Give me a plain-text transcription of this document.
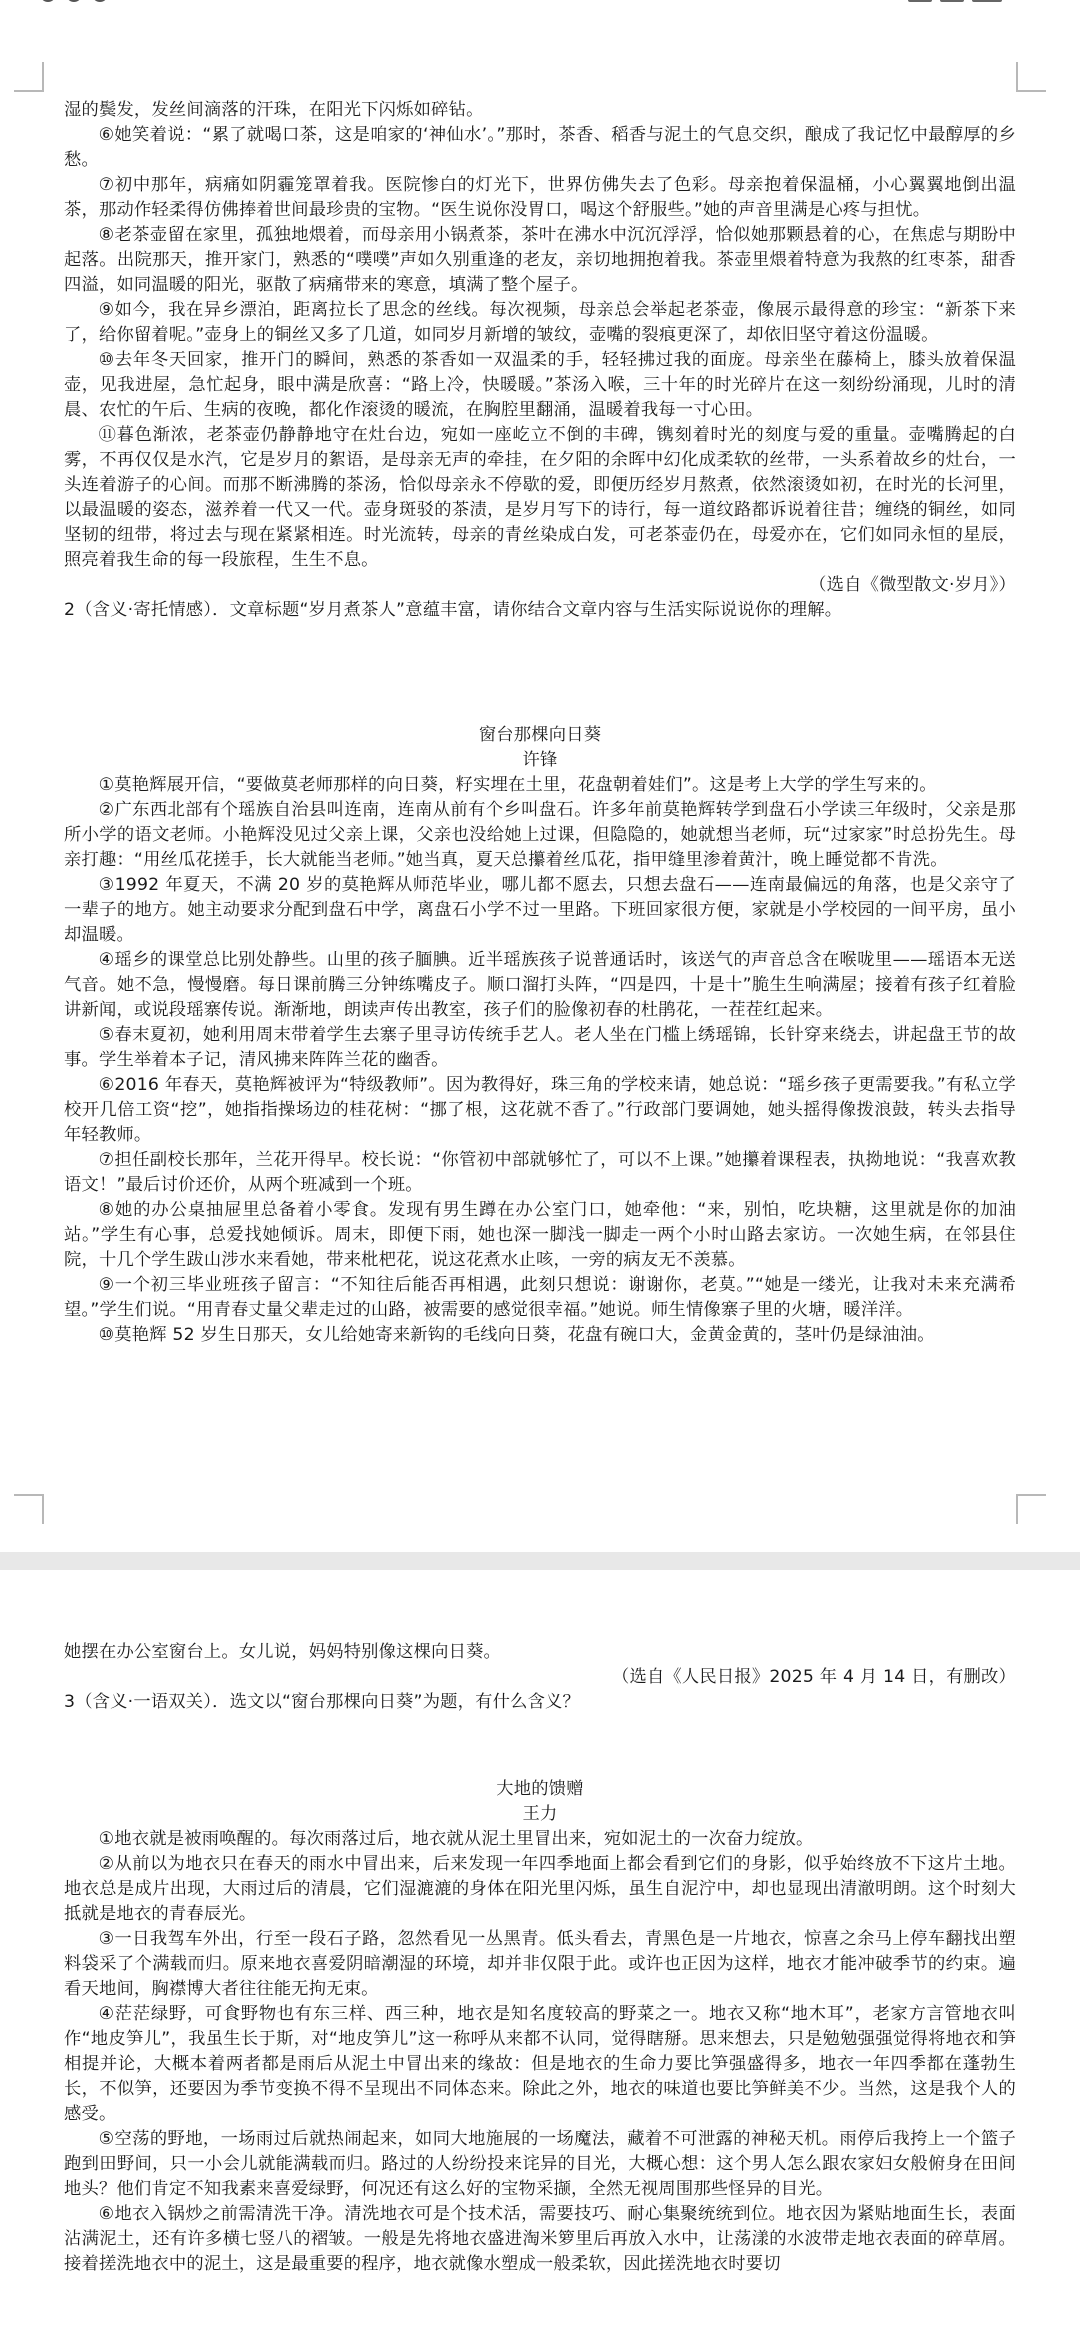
湿的鬓发，发丝间滴落的汗珠，在阳光下闪烁如碎钻。

⑥她笑着说：“累了就喝口茶，这是咱家的‘神仙水’。”那时，茶香、稻香与泥土的气息交织，酿成了我记忆中最醇厚的乡愁。

⑦初中那年，病痛如阴霾笼罩着我。医院惨白的灯光下，世界仿佛失去了色彩。母亲抱着保温桶，小心翼翼地倒出温茶，那动作轻柔得仿佛捧着世间最珍贵的宝物。“医生说你没胃口，喝这个舒服些。”她的声音里满是心疼与担忧。

⑧老茶壶留在家里，孤独地煨着，而母亲用小锅煮茶，茶叶在沸水中沉沉浮浮，恰似她那颗悬着的心，在焦虑与期盼中起落。出院那天，推开家门，熟悉的“噗噗”声如久别重逢的老友，亲切地拥抱着我。茶壶里煨着特意为我熬的红枣茶，甜香四溢，如同温暖的阳光，驱散了病痛带来的寒意，填满了整个屋子。

⑨如今，我在异乡漂泊，距离拉长了思念的丝线。每次视频，母亲总会举起老茶壶，像展示最得意的珍宝：“新茶下来了，给你留着呢。”壶身上的铜丝又多了几道，如同岁月新增的皱纹，壶嘴的裂痕更深了，却依旧坚守着这份温暖。

⑩去年冬天回家，推开门的瞬间，熟悉的茶香如一双温柔的手，轻轻拂过我的面庞。母亲坐在藤椅上，膝头放着保温壶，见我进屋，急忙起身，眼中满是欣喜：“路上冷，快暖暖。”茶汤入喉，三十年的时光碎片在这一刻纷纷涌现，儿时的清晨、农忙的午后、生病的夜晚，都化作滚烫的暖流，在胸腔里翻涌，温暖着我每一寸心田。

⑪暮色渐浓，老茶壶仍静静地守在灶台边，宛如一座屹立不倒的丰碑，镌刻着时光的刻度与爱的重量。壶嘴腾起的白雾，不再仅仅是水汽，它是岁月的絮语，是母亲无声的牵挂，在夕阳的余晖中幻化成柔软的丝带，一头系着故乡的灶台，一头连着游子的心间。而那不断沸腾的茶汤，恰似母亲永不停歇的爱，即便历经岁月熬煮，依然滚烫如初，在时光的长河里，以最温暖的姿态，滋养着一代又一代。壶身斑驳的茶渍，是岁月写下的诗行，每一道纹路都诉说着往昔；缠绕的铜丝，如同坚韧的纽带，将过去与现在紧紧相连。时光流转，母亲的青丝染成白发，可老茶壶仍在，母爱亦在，它们如同永恒的星辰，照亮着我生命的每一段旅程，生生不息。

（选自《微型散文·岁月》）

2（含义·寄托情感）．文章标题“岁月煮茶人”意蕴丰富，请你结合文章内容与生活实际说说你的理解。

窗台那棵向日葵

许锋

①莫艳辉展开信，“要做莫老师那样的向日葵，籽实埋在土里，花盘朝着娃们”。这是考上大学的学生写来的。

②广东西北部有个瑶族自治县叫连南，连南从前有个乡叫盘石。许多年前莫艳辉转学到盘石小学读三年级时，父亲是那所小学的语文老师。小艳辉没见过父亲上课，父亲也没给她上过课，但隐隐的，她就想当老师，玩“过家家”时总扮先生。母亲打趣：“用丝瓜花搓手，长大就能当老师。”她当真，夏天总攥着丝瓜花，指甲缝里渗着黄汁，晚上睡觉都不肯洗。

③1992 年夏天，不满 20 岁的莫艳辉从师范毕业，哪儿都不愿去，只想去盘石——连南最偏远的角落，也是父亲守了一辈子的地方。她主动要求分配到盘石中学，离盘石小学不过一里路。下班回家很方便，家就是小学校园的一间平房，虽小却温暖。

④瑶乡的课堂总比别处静些。山里的孩子腼腆。近半瑶族孩子说普通话时，该送气的声音总含在喉咙里——瑶语本无送气音。她不急，慢慢磨。每日课前腾三分钟练嘴皮子。顺口溜打头阵，“四是四，十是十”脆生生响满屋；接着有孩子红着脸讲新闻，或说段瑶寨传说。渐渐地，朗读声传出教室，孩子们的脸像初春的杜鹃花，一茬茬红起来。

⑤春末夏初，她利用周末带着学生去寨子里寻访传统手艺人。老人坐在门槛上绣瑶锦，长针穿来绕去，讲起盘王节的故事。学生举着本子记，清风拂来阵阵兰花的幽香。

⑥2016 年春天，莫艳辉被评为“特级教师”。因为教得好，珠三角的学校来请，她总说：“瑶乡孩子更需要我。”有私立学校开几倍工资“挖”，她指指操场边的桂花树：“挪了根，这花就不香了。”行政部门要调她，她头摇得像拨浪鼓，转头去指导年轻教师。

⑦担任副校长那年，兰花开得早。校长说：“你管初中部就够忙了，可以不上课。”她攥着课程表，执拗地说：“我喜欢教语文！”最后讨价还价，从两个班减到一个班。

⑧她的办公桌抽屉里总备着小零食。发现有男生蹲在办公室门口，她牵他：“来，别怕，吃块糖，这里就是你的加油站。”学生有心事，总爱找她倾诉。周末，即便下雨，她也深一脚浅一脚走一两个小时山路去家访。一次她生病，在邻县住院，十几个学生跋山涉水来看她，带来枇杷花，说这花煮水止咳，一旁的病友无不羡慕。

⑨一个初三毕业班孩子留言：“不知往后能否再相遇，此刻只想说：谢谢你，老莫。”“她是一缕光，让我对未来充满希望。”学生们说。“用青春丈量父辈走过的山路，被需要的感觉很幸福。”她说。师生情像寨子里的火塘，暖洋洋。

⑩莫艳辉 52 岁生日那天，女儿给她寄来新钩的毛线向日葵，花盘有碗口大，金黄金黄的，茎叶仍是绿油油。

她摆在办公室窗台上。女儿说，妈妈特别像这棵向日葵。

（选自《人民日报》2025 年 4 月 14 日，有删改）

3（含义·一语双关）．选文以“窗台那棵向日葵”为题，有什么含义？

大地的馈赠

王力

①地衣就是被雨唤醒的。每次雨落过后，地衣就从泥土里冒出来，宛如泥土的一次奋力绽放。

②从前以为地衣只在春天的雨水中冒出来，后来发现一年四季地面上都会看到它们的身影，似乎始终放不下这片土地。地衣总是成片出现，大雨过后的清晨，它们湿漉漉的身体在阳光里闪烁，虽生自泥泞中，却也显现出清澈明朗。这个时刻大抵就是地衣的青春辰光。

③一日我驾车外出，行至一段石子路，忽然看见一丛黑青。低头看去，青黑色是一片地衣，惊喜之余马上停车翻找出塑料袋采了个满载而归。原来地衣喜爱阴暗潮湿的环境，却并非仅限于此。或许也正因为这样，地衣才能冲破季节的约束。遍看天地间，胸襟博大者往往能无拘无束。

④茫茫绿野，可食野物也有东三样、西三种，地衣是知名度较高的野菜之一。地衣又称“地木耳”，老家方言管地衣叫作“地皮笋儿”，我虽生长于斯，对“地皮笋儿”这一称呼从来都不认同，觉得瞎掰。思来想去，只是勉勉强强觉得将地衣和笋相提并论，大概本着两者都是雨后从泥土中冒出来的缘故：但是地衣的生命力要比笋强盛得多，地衣一年四季都在蓬勃生长，不似笋，还要因为季节变换不得不呈现出不同体态来。除此之外，地衣的味道也要比笋鲜美不少。当然，这是我个人的感受。

⑤空荡的野地，一场雨过后就热闹起来，如同大地施展的一场魔法，藏着不可泄露的神秘天机。雨停后我挎上一个篮子跑到田野间，只一小会儿就能满载而归。路过的人纷纷投来诧异的目光，大概心想：这个男人怎么跟农家妇女般俯身在田间地头？他们肯定不知我素来喜爱绿野，何况还有这么好的宝物采撷，全然无视周围那些怪异的目光。

⑥地衣入锅炒之前需清洗干净。清洗地衣可是个技术活，需要技巧、耐心集聚统统到位。地衣因为紧贴地面生长，表面沾满泥土，还有许多横七竖八的褶皱。一般是先将地衣盛进淘米箩里后再放入水中，让荡漾的水波带走地衣表面的碎草屑。接着搓洗地衣中的泥土，这是最重要的程序，地衣就像水塑成一般柔软，因此搓洗地衣时要切
